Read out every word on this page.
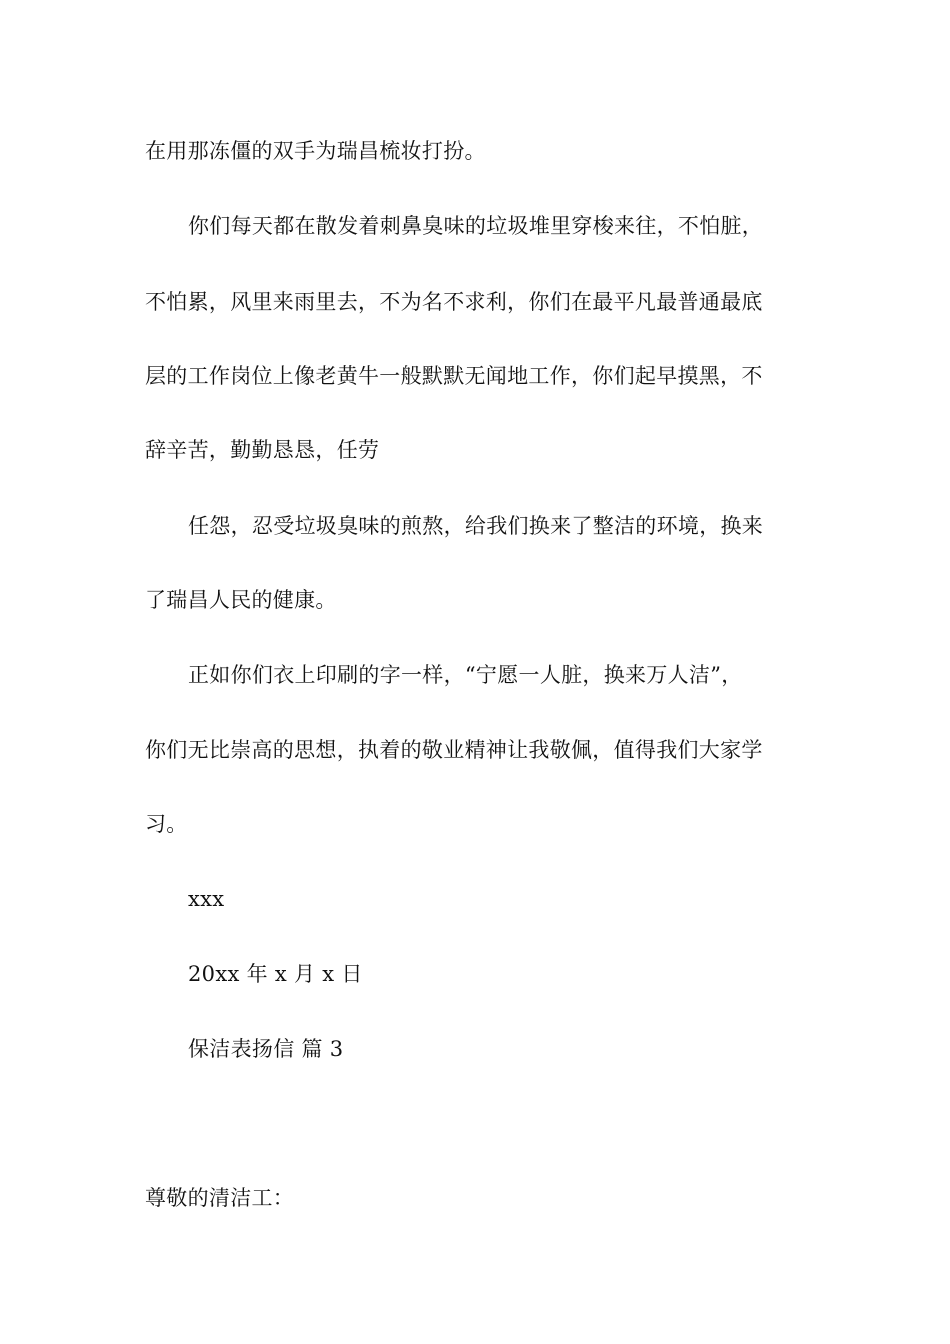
在用那冻僵的双手为瑞昌梳妆打扮。
你们每天都在散发着刺鼻臭味的垃圾堆里穿梭来往，不怕脏，
不怕累，风里来雨里去，不为名不求利，你们在最平凡最普通最底
层的工作岗位上像老黄牛一般默默无闻地工作，你们起早摸黑，不
辞辛苦，勤勤恳恳，任劳
任怨，忍受垃圾臭味的煎熬，给我们换来了整洁的环境，换来
了瑞昌人民的健康。
正如你们衣上印刷的字一样，“宁愿一人脏，换来万人洁”，
你们无比崇高的思想，执着的敬业精神让我敬佩，值得我们大家学
习。
xxx
20xx 年 x 月 x 日
保洁表扬信 篇 3
尊敬的清洁工：
